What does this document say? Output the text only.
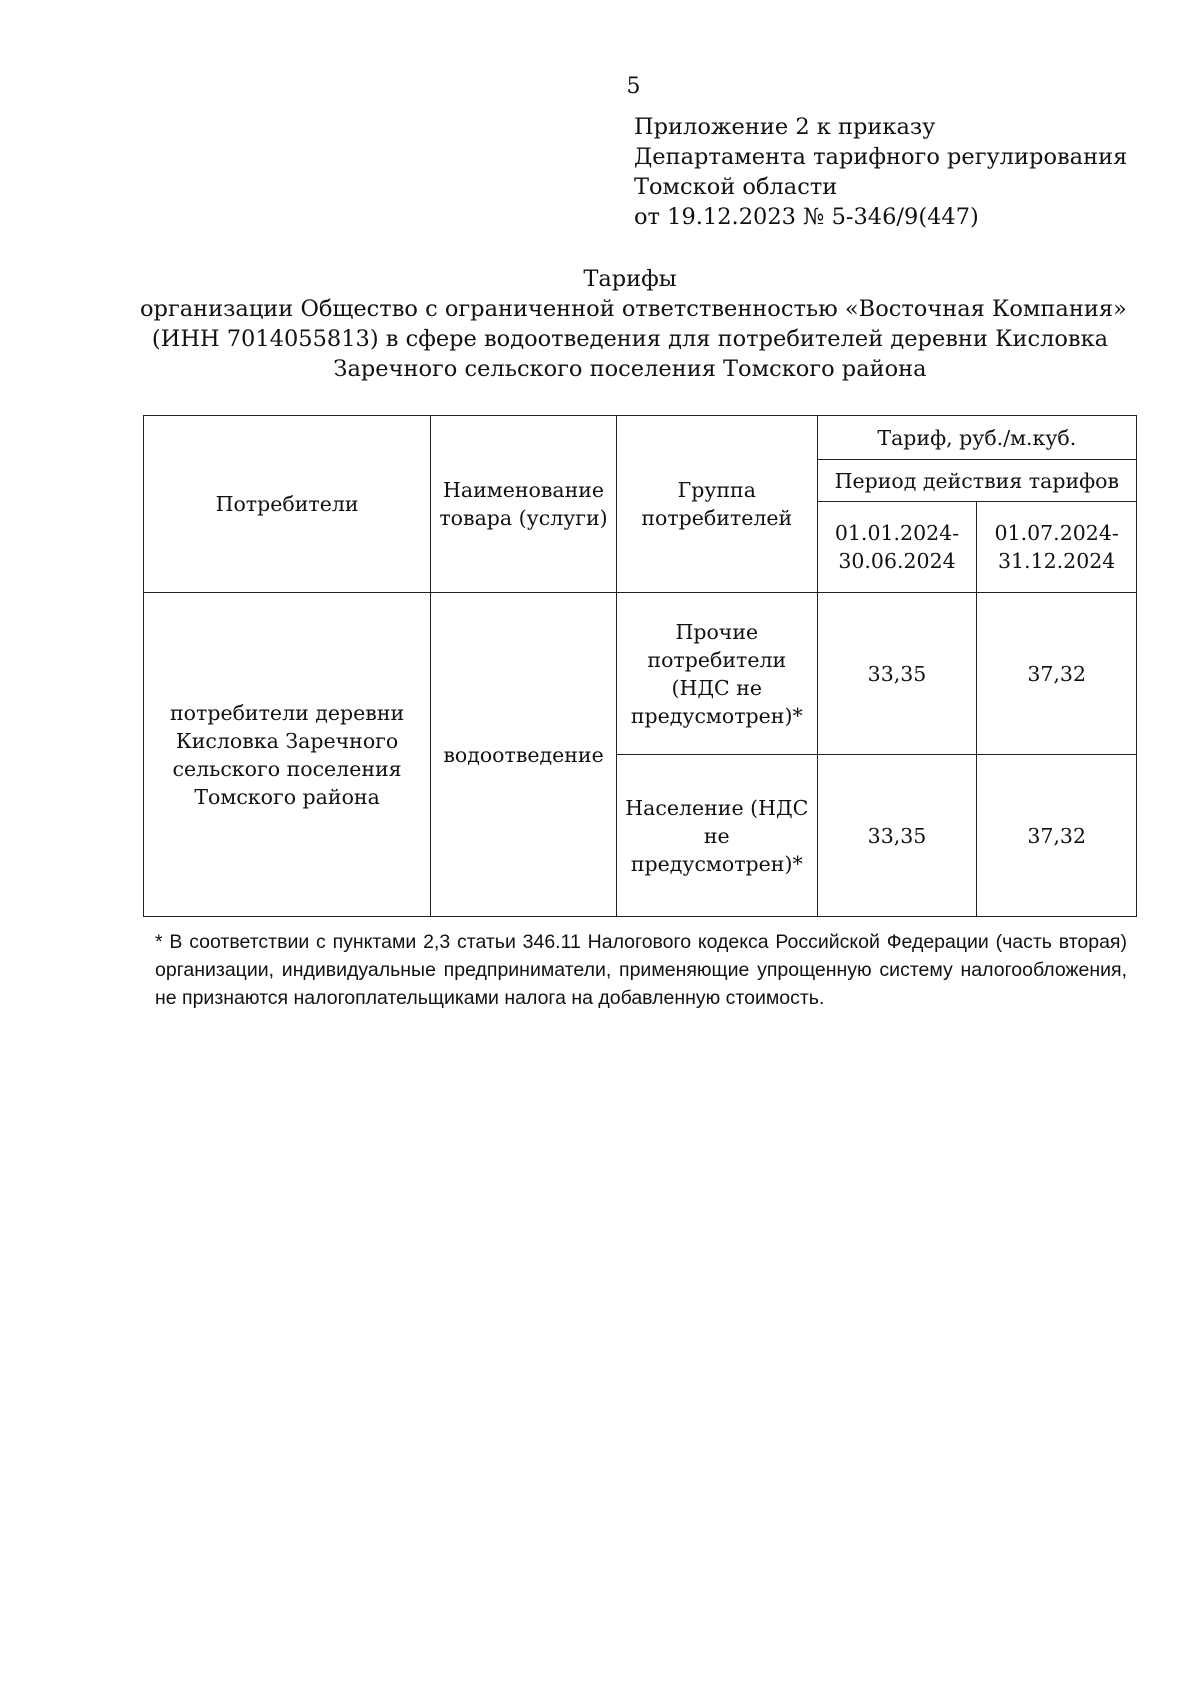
5
Приложение 2 к приказу
Департамента тарифного регулирования
Томской области
от 19.12.2023 № 5-346/9(447)
Тарифы
организации Общество с ограниченной ответственностью «Восточная Компания»
(ИНН 7014055813) в сфере водоотведения для потребителей деревни Кисловка
Заречного сельского поселения Томского района
Потребители	Наименование товара (услуги)	Группа потребителей	Тариф, руб./м.куб.	
			Период действия тарифов	
			01.01.2024-30.06.2024	01.07.2024-31.12.2024
потребители деревни Кисловка Заречного сельского поселения Томского района	водоотведение	Прочие потребители (НДС не предусмотрен)*	33,35	37,32
		Население (НДС не предусмотрен)*	33,35	37,32
* В соответствии с пунктами 2,3 статьи 346.11 Налогового кодекса Российской Федерации (часть вторая) организации, индивидуальные предприниматели, применяющие упрощенную систему налогообложения, не признаются налогоплательщиками налога на добавленную стоимость.
